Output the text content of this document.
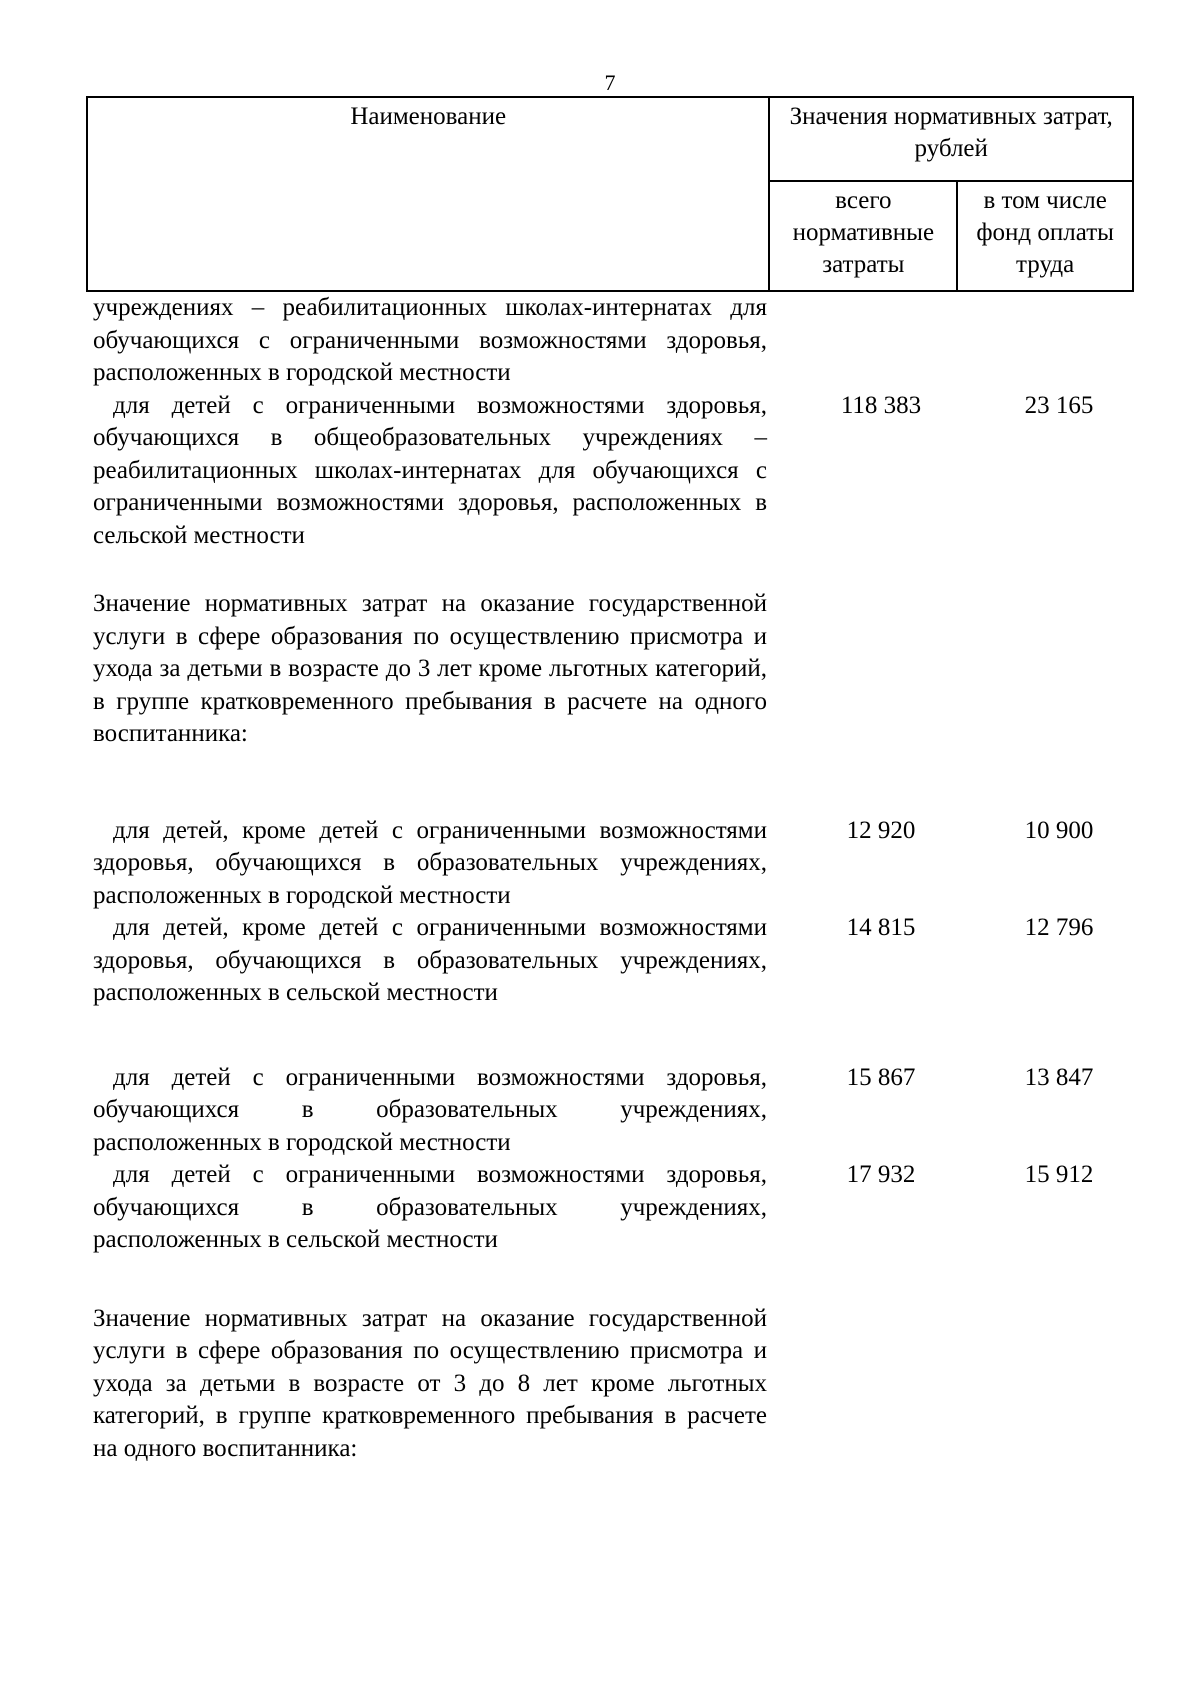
7
Наименование	Значения нормативных затрат, рублей	
	всего нормативные затраты	в том числе фонд оплаты труда
учреждениях – реабилитационных школах-интернатах для обучающихся с ограниченными возможностями здоровья, расположенных в городской местности
для детей с ограниченными возможностями здоровья, обучающихся в общеобразовательных учреждениях – реабилитационных школах-интернатах для обучающихся с ограниченными возможностями здоровья, расположенных в сельской местности
118 383	23 165
Значение нормативных затрат на оказание государственной услуги в сфере образования по осуществлению присмотра и ухода за детьми в возрасте до 3 лет кроме льготных категорий, в группе кратковременного пребывания в расчете на одного воспитанника:
для детей, кроме детей с ограниченными возможностями здоровья, обучающихся в образовательных учреждениях, расположенных в городской местности
12 920	10 900
для детей, кроме детей с ограниченными возможностями здоровья, обучающихся в образовательных учреждениях, расположенных в сельской местности
14 815	12 796
для детей с ограниченными возможностями здоровья, обучающихся в образовательных учреждениях, расположенных в городской местности
15 867	13 847
для детей с ограниченными возможностями здоровья, обучающихся в образовательных учреждениях, расположенных в сельской местности
17 932	15 912
Значение нормативных затрат на оказание государственной услуги в сфере образования по осуществлению присмотра и ухода за детьми в возрасте от 3 до 8 лет кроме льготных категорий, в группе кратковременного пребывания в расчете на одного воспитанника:
